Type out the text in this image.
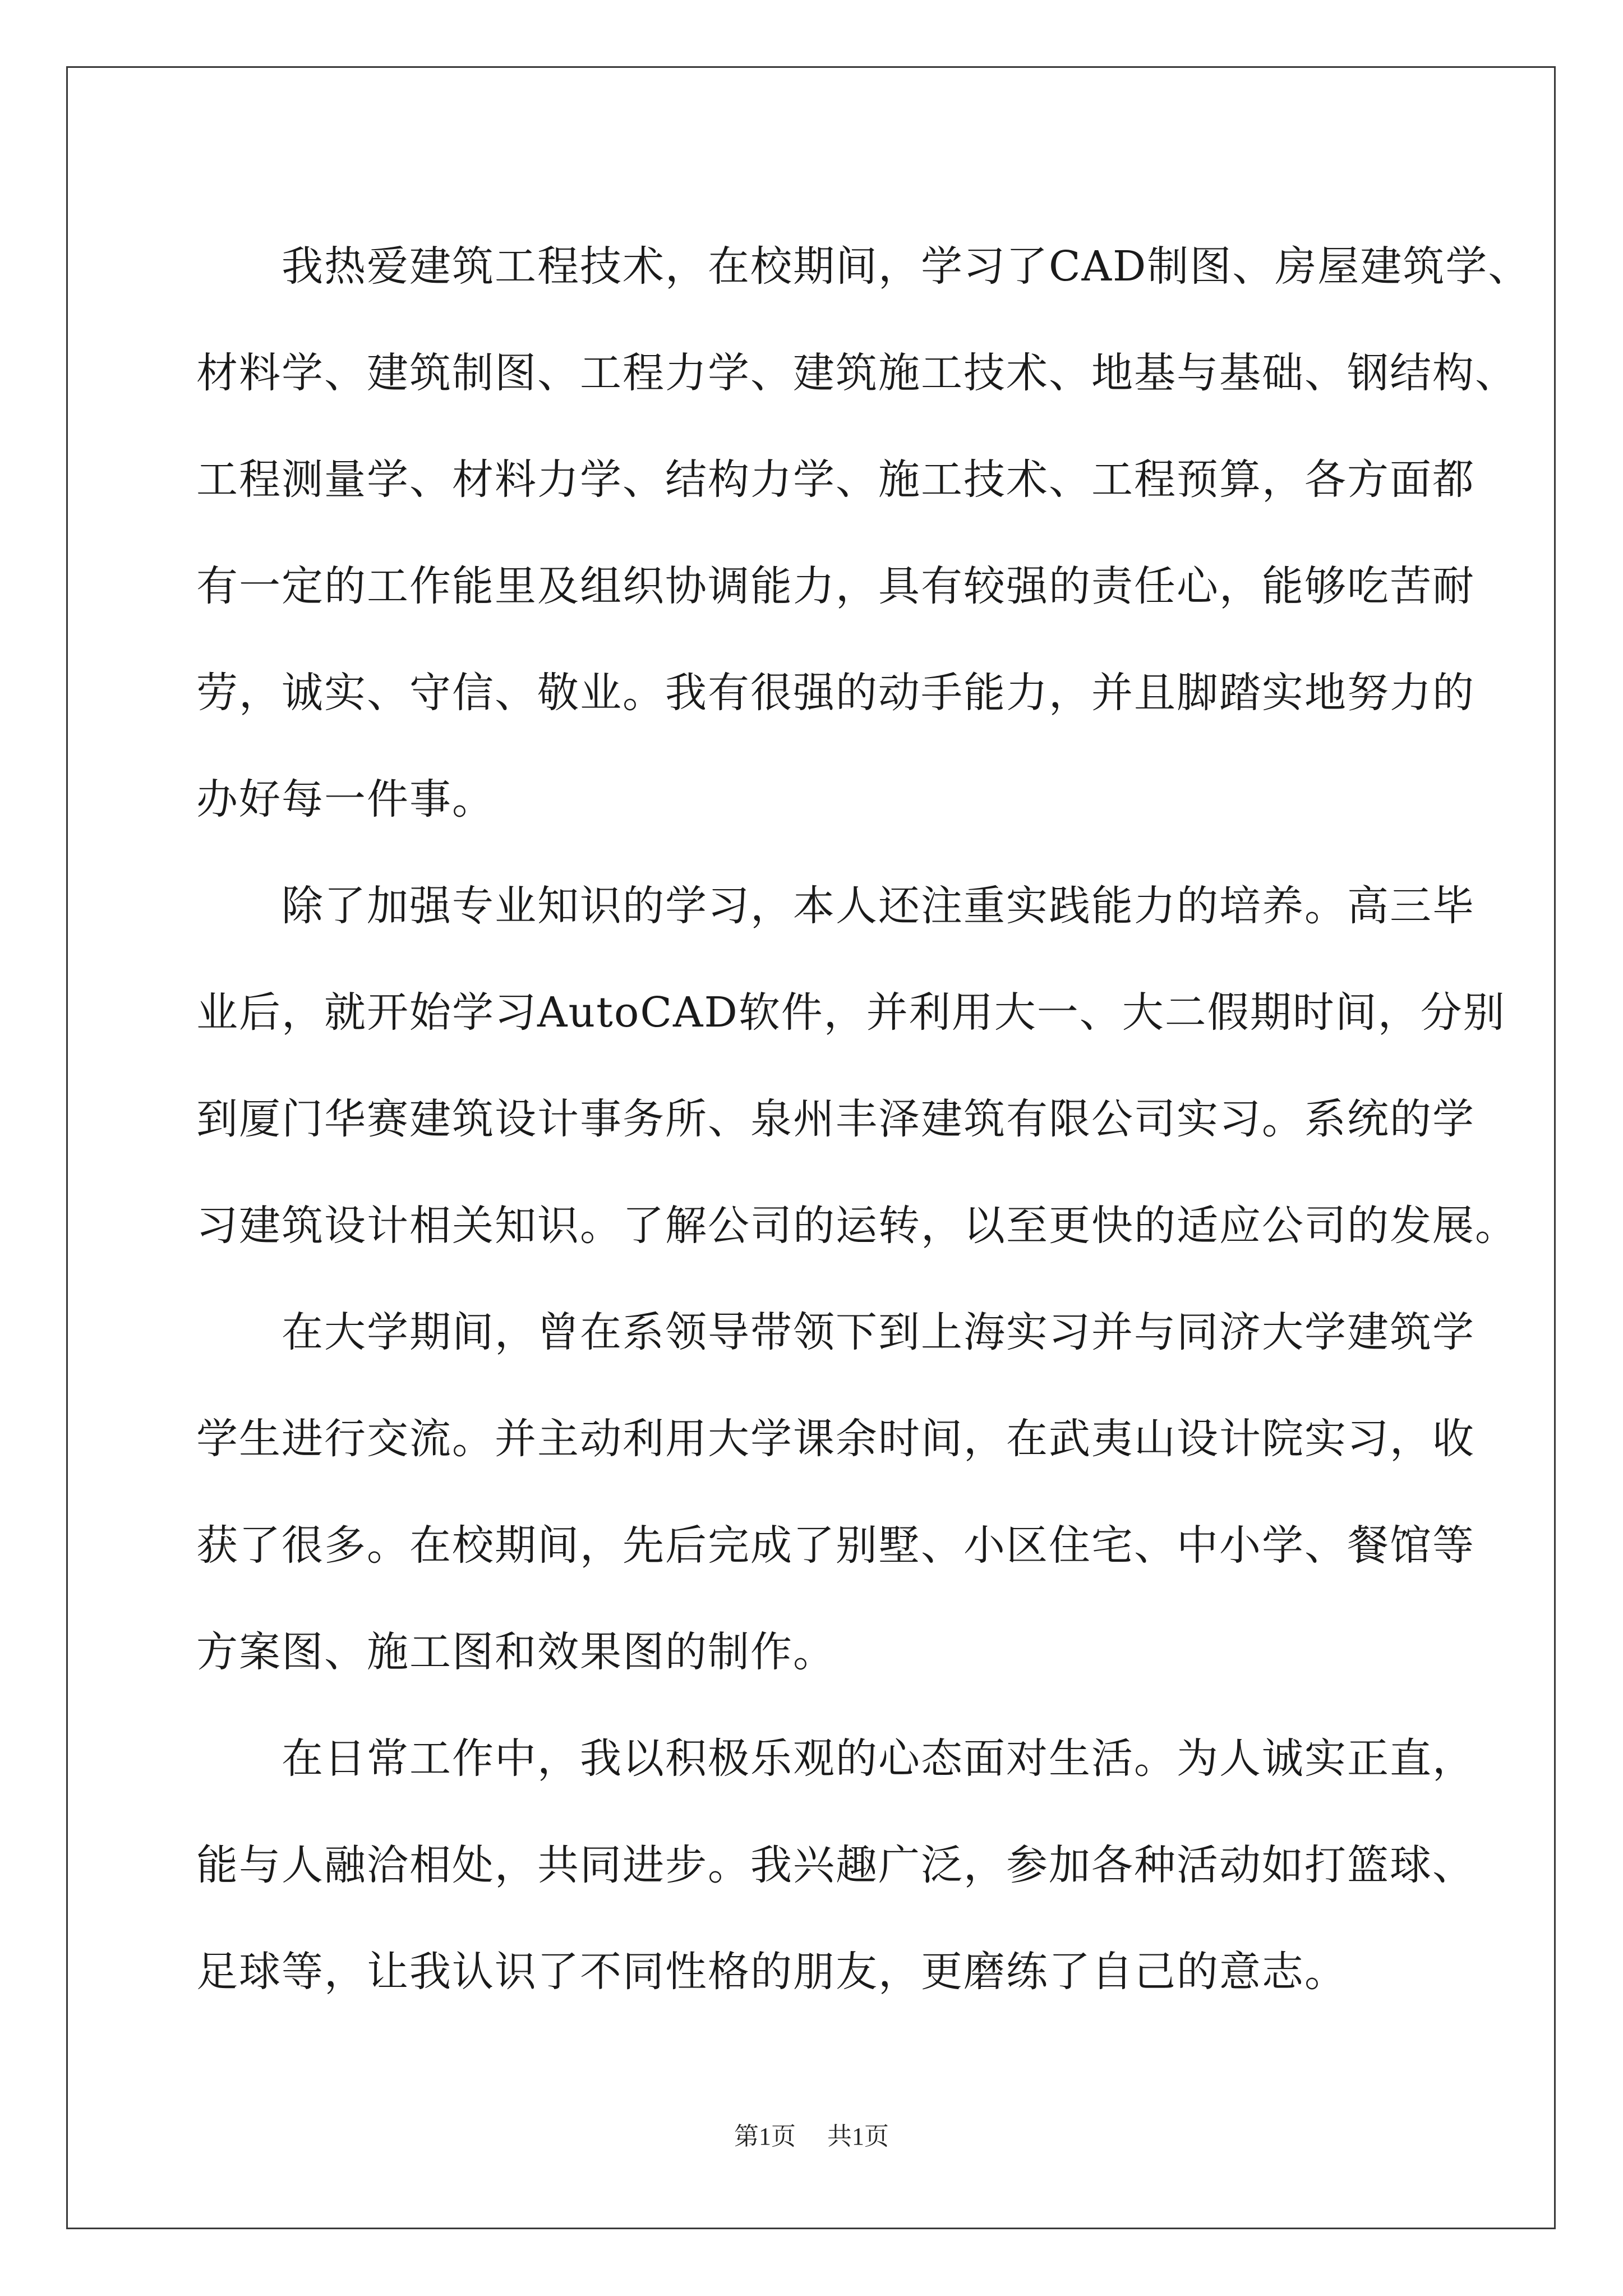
　　我热爱建筑工程技术，在校期间，学习了CAD制图、房屋建筑学、
材料学、建筑制图、工程力学、建筑施工技术、地基与基础、钢结构、
工程测量学、材料力学、结构力学、施工技术、工程预算，各方面都
有一定的工作能里及组织协调能力，具有较强的责任心，能够吃苦耐
劳，诚实、守信、敬业。我有很强的动手能力，并且脚踏实地努力的
办好每一件事。
　　除了加强专业知识的学习，本人还注重实践能力的培养。高三毕
业后，就开始学习AutoCAD软件，并利用大一、大二假期时间，分别
到厦门华赛建筑设计事务所、泉州丰泽建筑有限公司实习。系统的学
习建筑设计相关知识。了解公司的运转，以至更快的适应公司的发展。
　　在大学期间，曾在系领导带领下到上海实习并与同济大学建筑学
学生进行交流。并主动利用大学课余时间，在武夷山设计院实习，收
获了很多。在校期间，先后完成了别墅、小区住宅、中小学、餐馆等
方案图、施工图和效果图的制作。
　　在日常工作中，我以积极乐观的心态面对生活。为人诚实正直，
能与人融洽相处，共同进步。我兴趣广泛，参加各种活动如打篮球、
足球等，让我认识了不同性格的朋友，更磨练了自己的意志。
第1页 共1页
